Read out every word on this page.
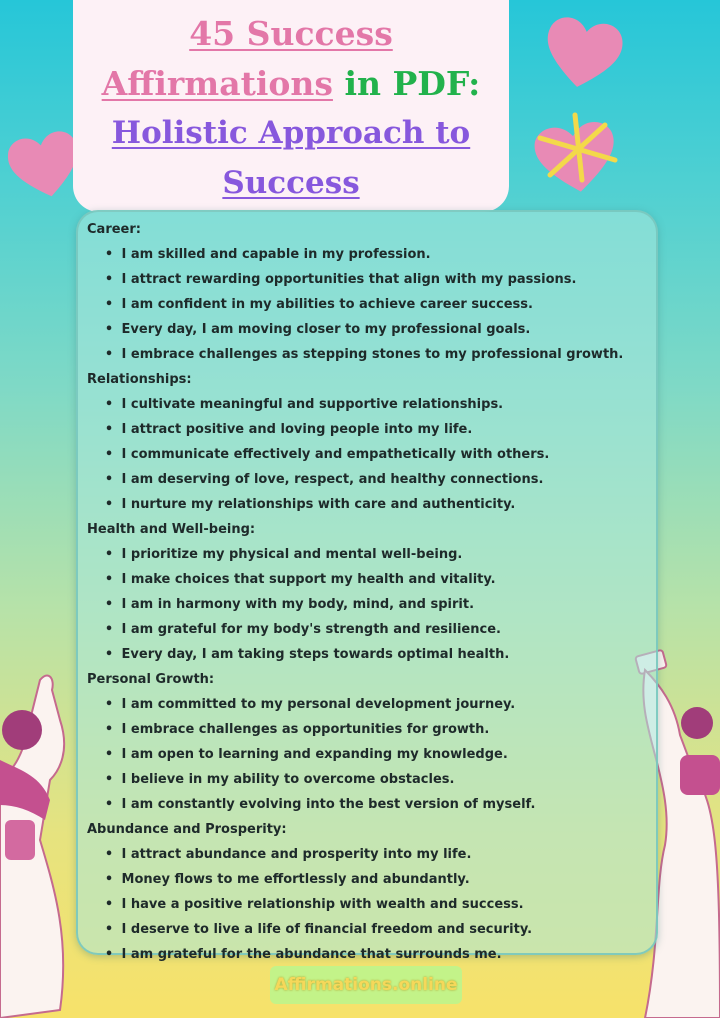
45 Success
Affirmations in PDF:
Holistic Approach to
Success
Career:
• I am skilled and capable in my profession.
• I attract rewarding opportunities that align with my passions.
• I am confident in my abilities to achieve career success.
• Every day, I am moving closer to my professional goals.
• I embrace challenges as stepping stones to my professional growth.
Relationships:
• I cultivate meaningful and supportive relationships.
• I attract positive and loving people into my life.
• I communicate effectively and empathetically with others.
• I am deserving of love, respect, and healthy connections.
• I nurture my relationships with care and authenticity.
Health and Well-being:
• I prioritize my physical and mental well-being.
• I make choices that support my health and vitality.
• I am in harmony with my body, mind, and spirit.
• I am grateful for my body's strength and resilience.
• Every day, I am taking steps towards optimal health.
Personal Growth:
• I am committed to my personal development journey.
• I embrace challenges as opportunities for growth.
• I am open to learning and expanding my knowledge.
• I believe in my ability to overcome obstacles.
• I am constantly evolving into the best version of myself.
Abundance and Prosperity:
• I attract abundance and prosperity into my life.
• Money flows to me effortlessly and abundantly.
• I have a positive relationship with wealth and success.
• I deserve to live a life of financial freedom and security.
• I am grateful for the abundance that surrounds me.
Affirmations.online
